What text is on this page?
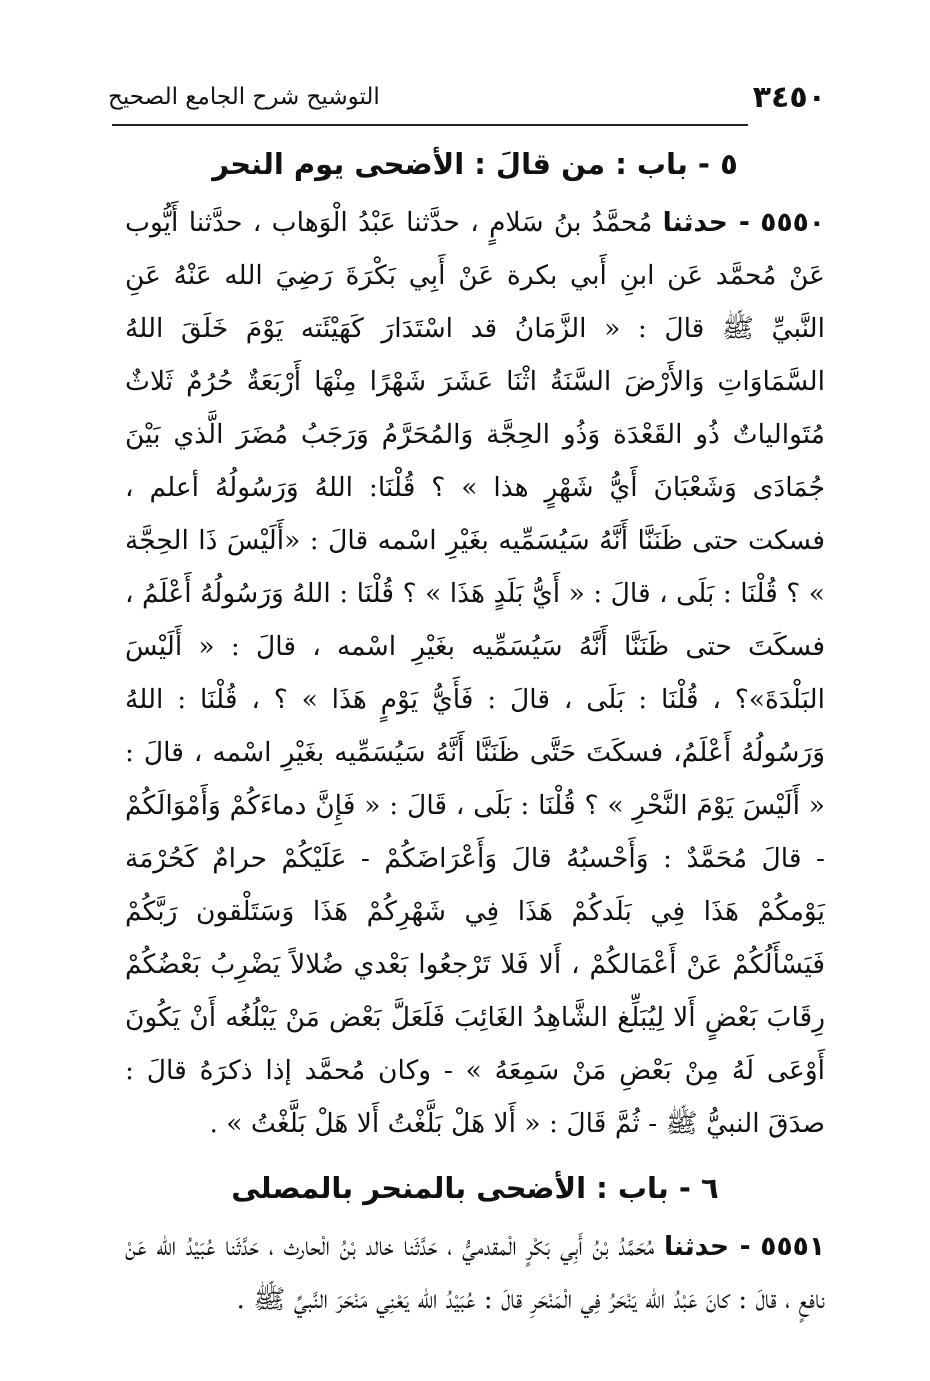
٣٤٥٠
التوشيح شرح الجامع الصحيح
٥ - باب : من قالَ : الأضحى يوم النحر

٥٥٥٠ - حدثنا مُحمَّدُ بنُ سَلامٍ ، حدَّثنا عَبْدُ الْوَهاب ، حدَّثنا أَيُّوب عَنْ مُحمَّد عَن ابنِ أَبي بكرة عَنْ أَبِي بَكْرَةَ رَضِيَ الله عَنْهُ عَنِ النَّبيِّ ﷺ قالَ : « الزَّمَانُ قد اسْتَدَارَ كَهَيْئَته يَوْمَ خَلَقَ اللهُ السَّمَاوَاتِ وَالأَرْضَ السَّنَةُ اثْنَا عَشَرَ شَهْرًا مِنْهَا أَرْبَعَةٌ حُرُمٌ ثَلاثٌ مُتَوالياتٌ ذُو القَعْدَة وَذُو الحِجَّة وَالمُحَرَّمُ وَرَجَبُ مُضَرَ الَّذي بَيْنَ جُمَادَى وَشَعْبَانَ أَيُّ شَهْرٍ هذا » ؟ قُلْنَا: اللهُ وَرَسُولُهُ أعلم ، فسكت حتى ظَنَنَّا أَنَّهُ سَيُسَمِّيه بغَيْرِ اسْمه قالَ : «أَلَيْسَ ذَا الحِجَّة » ؟ قُلْنَا : بَلَى ، قالَ : « أَيُّ بَلَدٍ هَذَا » ؟ قُلْنَا : اللهُ وَرَسُولُهُ أَعْلَمُ ، فسكَتَ حتى ظَنَنَّا أَنَّهُ سَيُسَمِّيه بغَيْرِ اسْمه ، قالَ : « أَلَيْسَ البَلْدَةَ»؟ ، قُلْنَا : بَلَى ، قالَ : فَأَيُّ يَوْمٍ هَذَا » ؟ ، قُلْنَا : اللهُ وَرَسُولُهُ أَعْلَمُ، فسكَتَ حَتَّى ظَنَنَّا أَنَّهُ سَيُسَمِّيه بغَيْرِ اسْمه ، قالَ : « أَلَيْسَ يَوْمَ النَّحْرِ » ؟ قُلْنَا : بَلَى ، قَالَ : « فَإِنَّ دماءَكُمْ وَأَمْوَالَكُمْ - قالَ مُحَمَّدٌ : وَأَحْسبُهُ قالَ وَأَعْرَاضَكُمْ - عَلَيْكُمْ حرامٌ كَحُرْمَة يَوْمكُمْ هَذَا فِي بَلَدكُمْ هَذَا فِي شَهْرِكُمْ هَذَا وَسَتَلْقون رَبَّكُمْ فَيَسْأَلُكُمْ عَنْ أَعْمَالكُمْ ، أَلا فَلا تَرْجعُوا بَعْدي ضُلالاً يَضْرِبُ بَعْضُكُمْ رِقَابَ بَعْضٍ أَلا لِيُبَلِّغ الشَّاهِدُ الغَائِبَ فَلَعَلَّ بَعْض مَنْ يَبْلُغُه أَنْ يَكُونَ أَوْعَى لَهُ مِنْ بَعْضِ مَنْ سَمِعَهُ » - وكان مُحمَّد إذا ذكرَهُ قالَ : صدَقَ النبيُّ ﷺ - ثُمَّ قَالَ : « أَلا هَلْ بَلَّغْتُ أَلا هَلْ بَلَّغْتُ » .

٦ - باب : الأضحى بالمنحر بالمصلى

٥٥٥١ - حدثنا مُحَمَّدُ بْنُ أَبِي بَكْرٍ الْمقدميُّ ، حَدَّثَنا خالد بْنُ الْحارث ، حَدَّثَنا عُبَيْدُ الله عَنْ نافعٍ ، قالَ : كانَ عَبْدُ الله يَنْحَرُ فِي الْمَنْحَرِ قالَ : عُبَيْدُ الله يَعْنِي مَنْحَرَ النَّبيِّ ﷺ .
